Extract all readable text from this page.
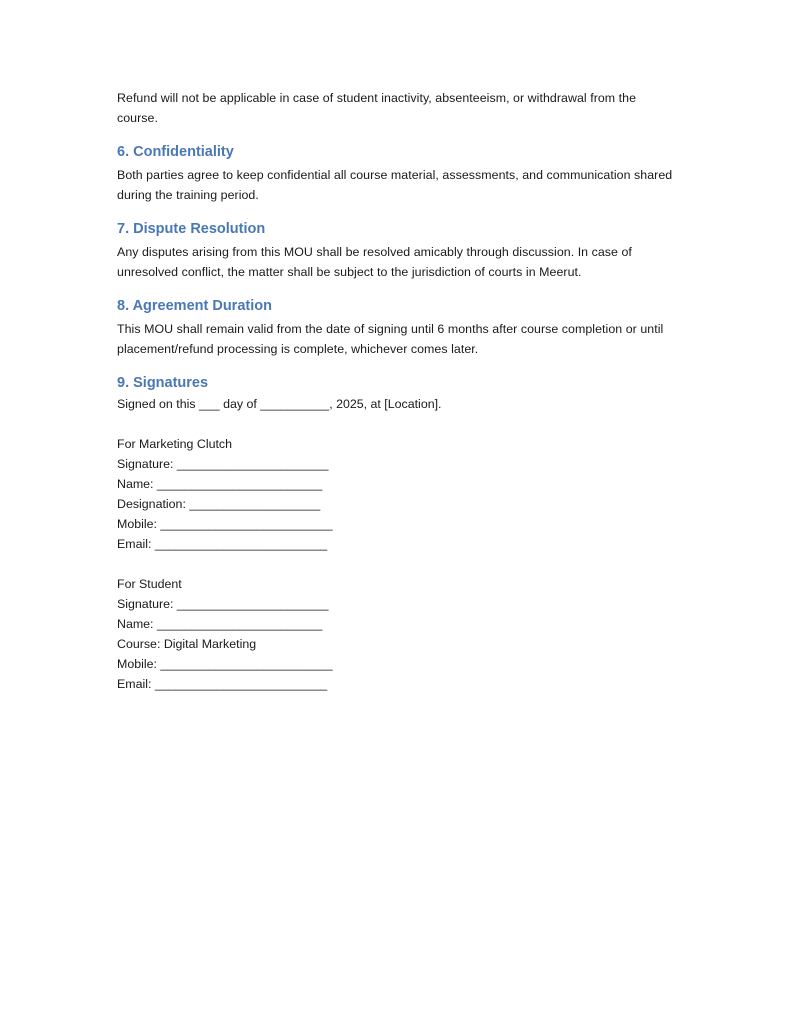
Refund will not be applicable in case of student inactivity, absenteeism, or withdrawal from the course.

6. Confidentiality

Both parties agree to keep confidential all course material, assessments, and communication shared during the training period.

7. Dispute Resolution

Any disputes arising from this MOU shall be resolved amicably through discussion. In case of unresolved conflict, the matter shall be subject to the jurisdiction of courts in Meerut.

8. Agreement Duration

This MOU shall remain valid from the date of signing until 6 months after course completion or until placement/refund processing is complete, whichever comes later.

9. Signatures

Signed on this ___ day of __________, 2025, at [Location].

For Marketing Clutch

Signature: ______________________

Name: ________________________

Designation: ___________________

Mobile: _________________________

Email: _________________________

For Student

Signature: ______________________

Name: ________________________

Course: Digital Marketing

Mobile: _________________________

Email: _________________________
